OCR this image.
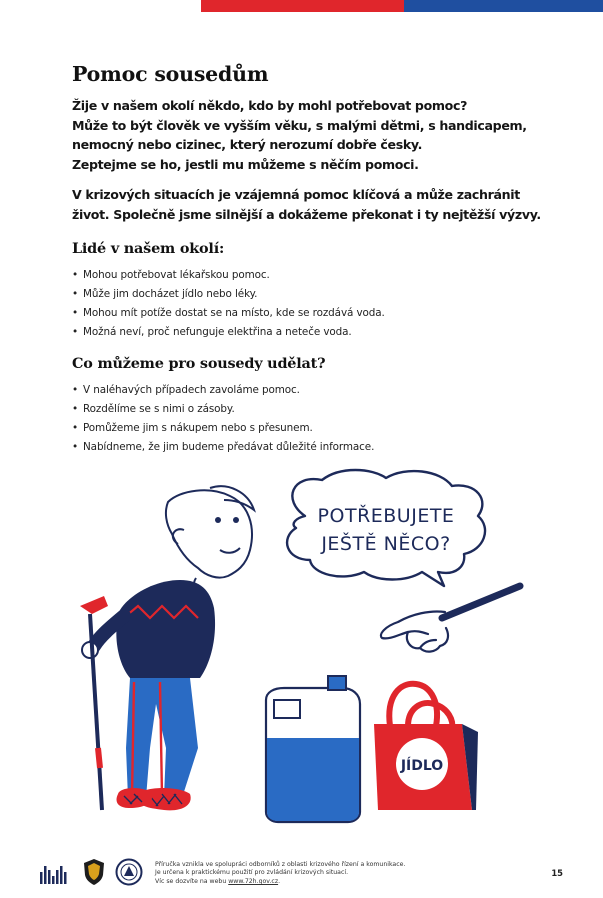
Pomoc sousedům

Žije v našem okolí někdo, kdo by mohl potřebovat pomoc?

Může to být člověk ve vyšším věku, s malými dětmi, s handicapem,

nemocný nebo cizinec, který nerozumí dobře česky.

Zeptejme se ho, jestli mu můžeme s něčím pomoci.

V krizových situacích je vzájemná pomoc klíčová a může zachránit

život. Společně jsme silnější a dokážeme překonat i ty nejtěžší výzvy.

Lidé v našem okolí:
• Mohou potřebovat lékařskou pomoc.
• Může jim docházet jídlo nebo léky.
• Mohou mít potíže dostat se na místo, kde se rozdává voda.
• Možná neví, proč nefunguje elektřina a neteče voda.
Co můžeme pro sousedy udělat?
• V naléhavých případech zavoláme pomoc.
• Rozdělíme se s nimi o zásoby.
• Pomůžeme jim s nákupem nebo s přesunem.
• Nabídneme, že jim budeme předávat důležité informace.
POTŘEBUJETE
JEŠTĚ NĚCO?
JÍDLO
Příručka vznikla ve spolupráci odborníků z oblasti krizového řízení a komunikace.
Je určena k praktickému použití pro zvládání krizových situací.
Víc se dozvíte na webu www.72h.gov.cz.
15
